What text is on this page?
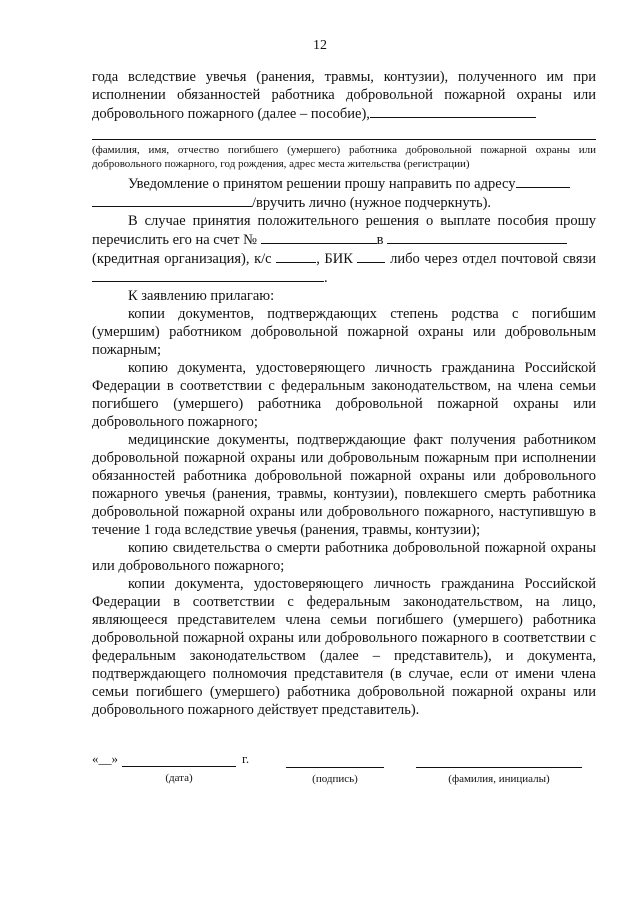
12

года вследствие увечья (ранения, травмы, контузии), полученного им при исполнении обязанностей работника добровольной пожарной охраны или добровольного пожарного (далее – пособие),

(фамилия, имя, отчество погибшего (умершего) работника добровольной пожарной охраны или добровольного пожарного, год рождения, адрес места жительства (регистрации)

Уведомление о принятом решении прошу направить по адресу
/вручить лично (нужное подчеркнуть).

В случае принятия положительного решения о выплате пособия прошу перечислить его на счет №	в
(кредитная организация), к/с	, БИК	либо через отдел почтовой связи .

К заявлению прилагаю:

копии документов, подтверждающих степень родства с погибшим (умершим) работником добровольной пожарной охраны или добровольным пожарным;

копию документа, удостоверяющего личность гражданина Российской Федерации в соответствии с федеральным законодательством, на члена семьи погибшего (умершего) работника добровольной пожарной охраны или добровольного пожарного;

медицинские документы, подтверждающие факт получения работником добровольной пожарной охраны или добровольным пожарным при исполнении обязанностей работника добровольной пожарной охраны или добровольного пожарного увечья (ранения, травмы, контузии), повлекшего смерть работника добровольной пожарной охраны или добровольного пожарного, наступившую в течение 1 года вследствие увечья (ранения, травмы, контузии);

копию свидетельства о смерти работника добровольной пожарной охраны или добровольного пожарного;

копии документа, удостоверяющего личность гражданина Российской Федерации в соответствии с федеральным законодательством, на лицо, являющееся представителем члена семьи погибшего (умершего) работника добровольной пожарной охраны или добровольного пожарного в соответствии с федеральным законодательством (далее – представитель), и документа, подтверждающего полномочия представителя (в случае, если от имени члена семьи погибшего (умершего) работника добровольной пожарной охраны или добровольного пожарного действует представитель).

«__»	г.
(дата)	(подпись)	(фамилия, инициалы)
